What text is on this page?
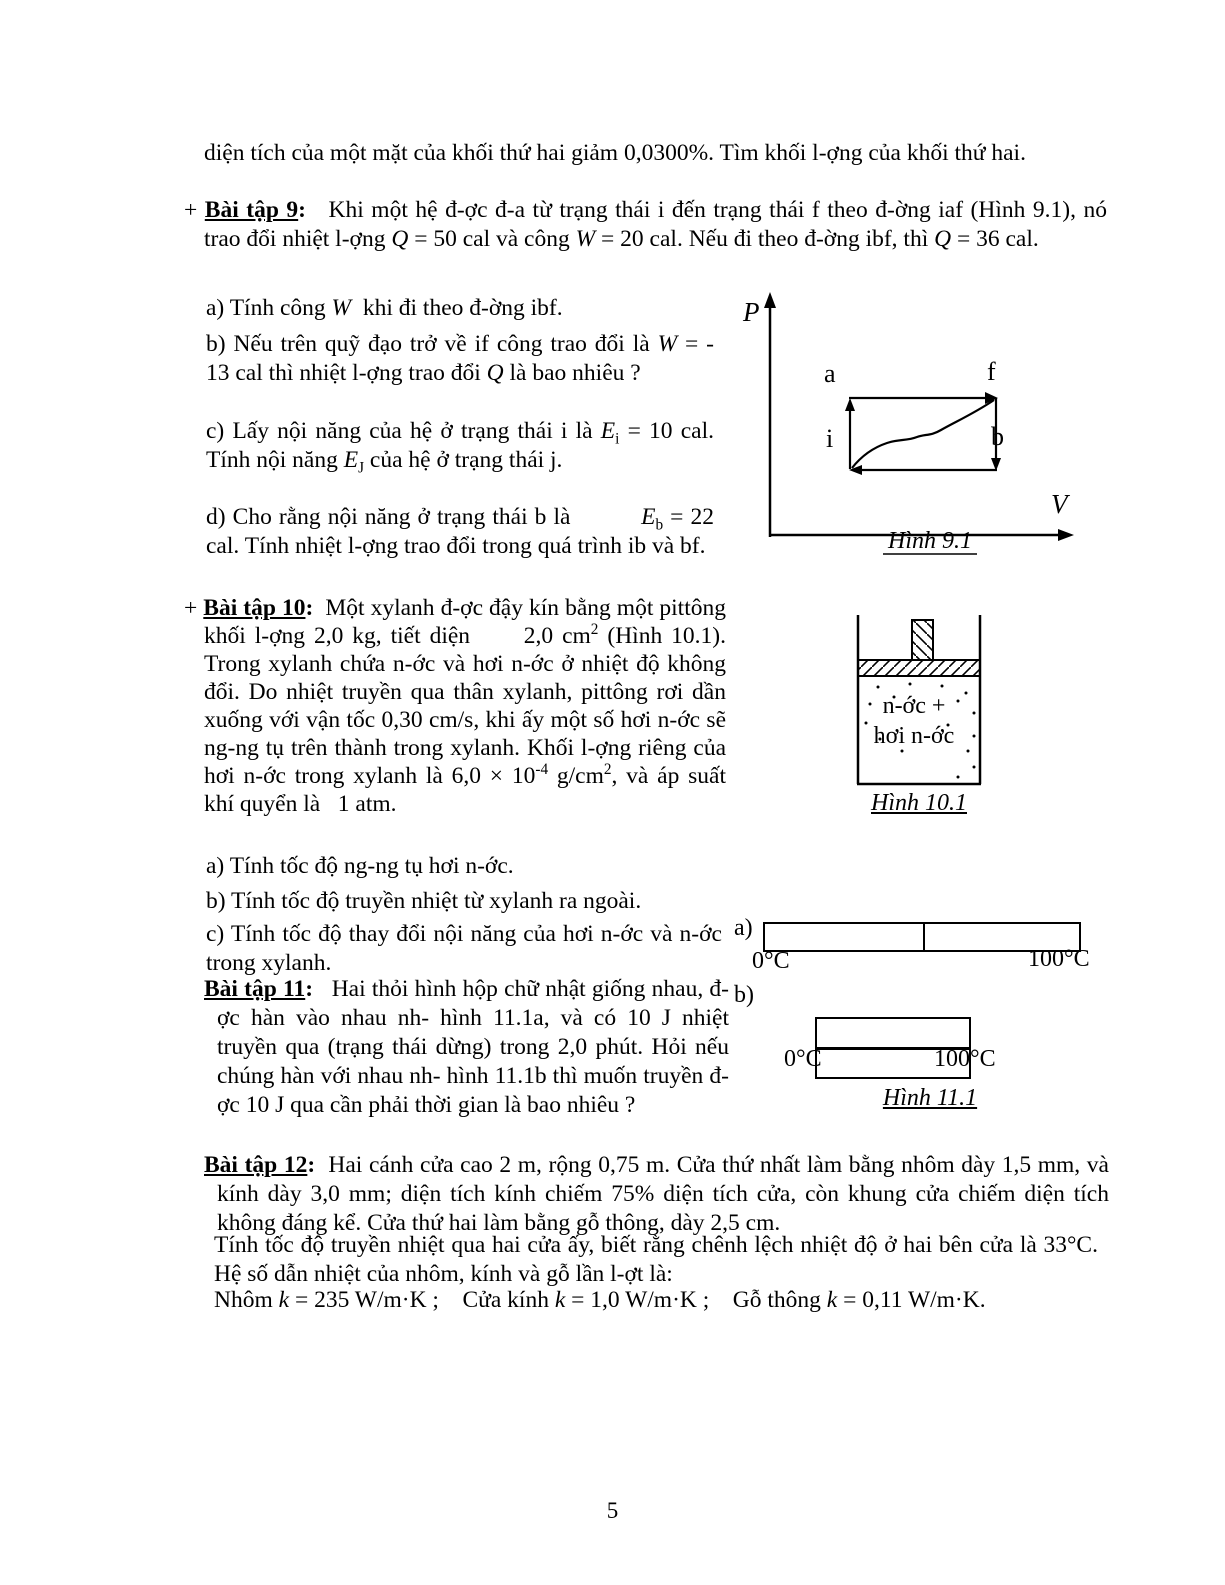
diện tích của một mặt của khối thứ hai giảm 0,0300%. Tìm khối l-ợng của khối thứ hai.

+ Bài tập 9:   Khi một hệ đ-ợc đ-a từ trạng thái i đến trạng thái f theo đ-ờng iaf (Hình 9.1), nó trao đổi nhiệt l-ợng Q = 50 cal và công W = 20 cal. Nếu đi theo đ-ờng ibf, thì Q = 36 cal.

a) Tính công W  khi đi theo đ-ờng ibf.

b) Nếu trên quỹ đạo trở về if công trao đổi là W = - 13 cal thì nhiệt l-ợng trao đổi Q là bao nhiêu ?

c) Lấy nội năng của hệ ở trạng thái i là $E_i = 10$ cal. Tính nội năng $E_J$ của hệ ở trạng thái j.

d) Cho rằng nội năng ở trạng thái b là          $E_b = 22$ cal. Tính nhiệt l-ợng trao đổi trong quá trình ib và bf.

P
V
a	f
i	b
Hình 9.1

+ Bài tập 10:  Một xylanh đ-ợc đậy kín bằng một pittông khối l-ợng 2,0 kg, tiết diện      2,0 $cm^2$ (Hình 10.1). Trong xylanh chứa n-ớc và hơi n-ớc ở nhiệt độ không đổi. Do nhiệt truyền qua thân xylanh, pittông rơi dần xuống với vận tốc 0,30 cm/s, khi ấy một số hơi n-ớc sẽ ng-ng tụ trên thành trong xylanh. Khối l-ợng riêng của hơi n-ớc trong xylanh là $6,0 \times 10^{-4}$ $g/cm^2$, và áp suất khí quyển là   1 atm.

a) Tính tốc độ ng-ng tụ hơi n-ớc.

b) Tính tốc độ truyền nhiệt từ xylanh ra ngoài.

c) Tính tốc độ thay đổi nội năng của hơi n-ớc và n-ớc trong xylanh.

n-ớc +
hơi n-ớc
Hình 10.1

Bài tập 11:   Hai thỏi hình hộp chữ nhật giống nhau, đ-ợc hàn vào nhau nh- hình 11.1a, và có 10 J nhiệt truyền qua (trạng thái dừng) trong 2,0 phút. Hỏi nếu chúng hàn với nhau nh- hình 11.1b thì muốn truyền đ-ợc 10 J qua cần phải thời gian là bao nhiêu ?

a)
0°C	100°C
b)
0°C	100°C
Hình 11.1

Bài tập 12:  Hai cánh cửa cao 2 m, rộng 0,75 m. Cửa thứ nhất làm bằng nhôm dày 1,5 mm, và kính dày 3,0 mm; diện tích kính chiếm 75% diện tích cửa, còn khung cửa chiếm diện tích không đáng kể. Cửa thứ hai làm bằng gỗ thông, dày 2,5 cm.

Tính tốc độ truyền nhiệt qua hai cửa ấy, biết rằng chênh lệch nhiệt độ ở hai bên cửa là 33°C. Hệ số dẫn nhiệt của nhôm, kính và gỗ lần l-ợt là:

Nhôm k = 235 W/m·K ;    Cửa kính k = 1,0 W/m·K ;    Gỗ thông k = 0,11 W/m·K.

5
